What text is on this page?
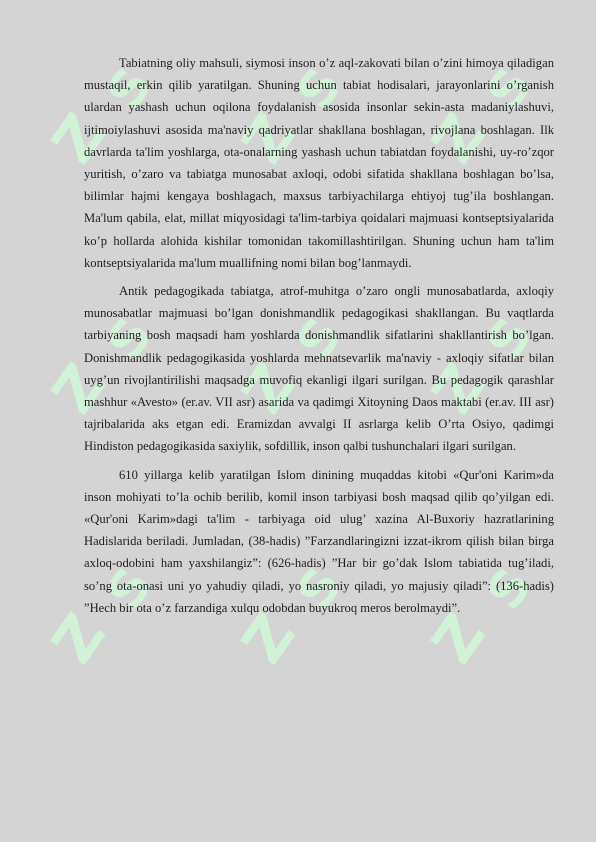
Z
S
Z
S
Z
S
Z
S
Z
S
Z
S
Z
S
Z
S
Z
S

Tabiatning oliy mahsuli, siymosi inson o’z aql-zakovati bilan o’zini himoya qiladigan mustaqil, erkin qilib yaratilgan. Shuning uchun tabiat hodisalari, jarayonlarini o’rganish ulardan yashash uchun oqilona foydalanish asosida insonlar sekin-asta madaniylashuvi, ijtimoiylashuvi asosida ma'naviy qadriyatlar shakllana boshlagan, rivojlana boshlagan. Ilk davrlarda ta'lim yoshlarga, ota-onalarning yashash uchun tabiatdan foydalanishi, uy-ro’zqor yuritish, o’zaro va tabiatga munosabat axloqi, odobi sifatida shakllana boshlagan bo’lsa, bilimlar hajmi kengaya boshlagach, maxsus tarbiyachilarga ehtiyoj tug’ila boshlangan. Ma'lum qabila, elat, millat miqyosidagi ta'lim-tarbiya qoidalari majmuasi kontseptsiyalarida ko’p hollarda alohida kishilar tomonidan takomillashtirilgan. Shuning uchun ham ta'lim kontseptsiyalarida ma'lum muallifning nomi bilan bog’lanmaydi.

Antik pedagogikada tabiatga, atrof-muhitga o’zaro ongli munosabatlarda, axloqiy munosabatlar majmuasi bo’lgan donishmandlik pedagogikasi shakllangan. Bu vaqtlarda tarbiyaning bosh maqsadi ham yoshlarda donishmandlik sifatlarini shakllantirish bo’lgan. Donishmandlik pedagogikasida yoshlarda mehnatsevarlik ma'naviy - axloqiy sifatlar bilan uyg’un rivojlantirilishi maqsadga muvofiq ekanligi ilgari surilgan. Bu pedagogik qarashlar mashhur «Avesto» (er.av. VII asr) asarida va qadimgi Xitoyning Daos maktabi (er.av. III asr) tajribalarida aks etgan edi. Eramizdan avvalgi II asrlarga kelib O’rta Osiyo, qadimgi Hindiston pedagogikasida saxiylik, sofdillik, inson qalbi tushunchalari ilgari surilgan.

610 yillarga kelib yaratilgan Islom dinining muqaddas kitobi «Qur'oni Karim»da inson mohiyati to’la ochib berilib, komil inson tarbiyasi bosh maqsad qilib qo’yilgan edi. «Qur'oni Karim»dagi ta'lim - tarbiyaga oid ulug’ xazina Al-Buxoriy hazratlarining Hadislarida beriladi. Jumladan, (38-hadis) ”Farzandlaringizni izzat-ikrom qilish bilan birga axloq-odobini ham yaxshilangiz”: (626-hadis) ”Har bir go’dak Islom tabiatida tug’iladi, so’ng ota-onasi uni yo yahudiy qiladi, yo nasroniy qiladi, yo majusiy qiladi”: (136-hadis) ”Hech bir ota o’z farzandiga xulqu odobdan buyukroq meros berolmaydi”.
